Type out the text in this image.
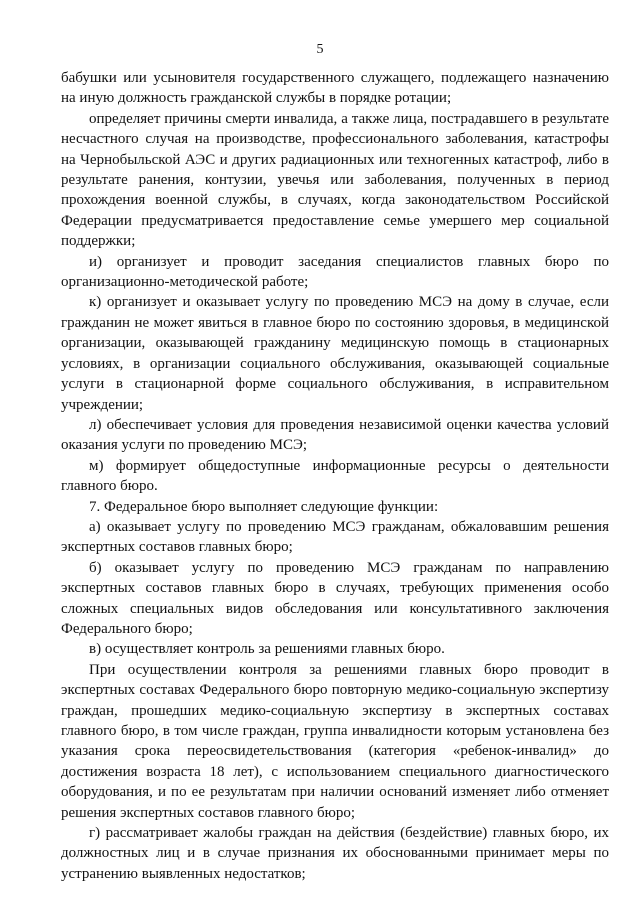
5

бабушки или усыновителя государственного служащего, подлежащего назначению на иную должность гражданской службы в порядке ротации;

определяет причины смерти инвалида, а также лица, пострадавшего в результате несчастного случая на производстве, профессионального заболевания, катастрофы на Чернобыльской АЭС и других радиационных или техногенных катастроф, либо в результате ранения, контузии, увечья или заболевания, полученных в период прохождения военной службы, в случаях, когда законодательством Российской Федерации предусматривается предоставление семье умершего мер социальной поддержки;

и) организует и проводит заседания специалистов главных бюро по организационно-методической работе;

к) организует и оказывает услугу по проведению МСЭ на дому в случае, если гражданин не может явиться в главное бюро по состоянию здоровья, в медицинской организации, оказывающей гражданину медицинскую помощь в стационарных условиях, в организации социального обслуживания, оказывающей социальные услуги в стационарной форме социального обслуживания, в исправительном учреждении;

л) обеспечивает условия для проведения независимой оценки качества условий оказания услуги по проведению МСЭ;

м) формирует общедоступные информационные ресурсы о деятельности главного бюро.

7. Федеральное бюро выполняет следующие функции:

а) оказывает услугу по проведению МСЭ гражданам, обжаловавшим решения экспертных составов главных бюро;

б) оказывает услугу по проведению МСЭ гражданам по направлению экспертных составов главных бюро в случаях, требующих применения особо сложных специальных видов обследования или консультативного заключения Федерального бюро;

в) осуществляет контроль за решениями главных бюро.

При осуществлении контроля за решениями главных бюро проводит в экспертных составах Федерального бюро повторную медико-социальную экспертизу граждан, прошедших медико-социальную экспертизу в экспертных составах главного бюро, в том числе граждан, группа инвалидности которым установлена без указания срока переосвидетельствования (категория «ребенок-инвалид» до достижения возраста 18 лет), с использованием специального диагностического оборудования, и по ее результатам при наличии оснований изменяет либо отменяет решения экспертных составов главного бюро;

г) рассматривает жалобы граждан на действия (бездействие) главных бюро, их должностных лиц и в случае признания их обоснованными принимает меры по устранению выявленных недостатков;
